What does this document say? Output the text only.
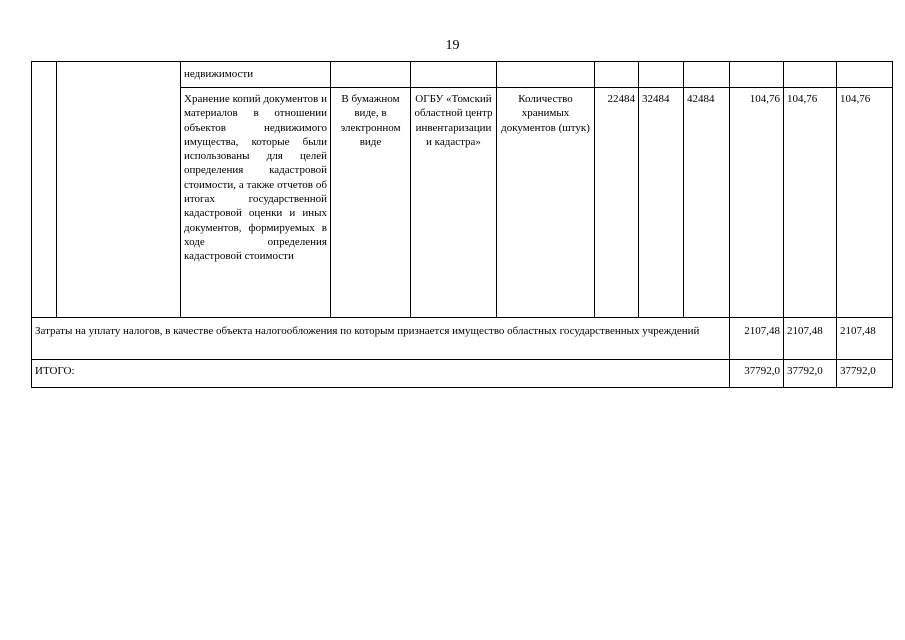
19
		недвижимости									
		Хранение копий документов и материалов в отношении объектов недвижимого имущества, которые были использованы для целей определения кадастровой стоимости, а также отчетов об итогах государственной кадастровой оценки и иных документов, формируемых в ходе определения кадастровой стоимости	В бумажном виде, в электронном виде	ОГБУ «Томский областной центр инвентаризации и кадастра»	Количество хранимых документов (штук)	22484	32484	42484	104,76	104,76	104,76
Затраты на уплату налогов, в качестве объекта налогообложения по которым признается имущество областных государственных учреждений									2107,48	2107,48	2107,48
ИТОГО:									37792,0	37792,0	37792,0
